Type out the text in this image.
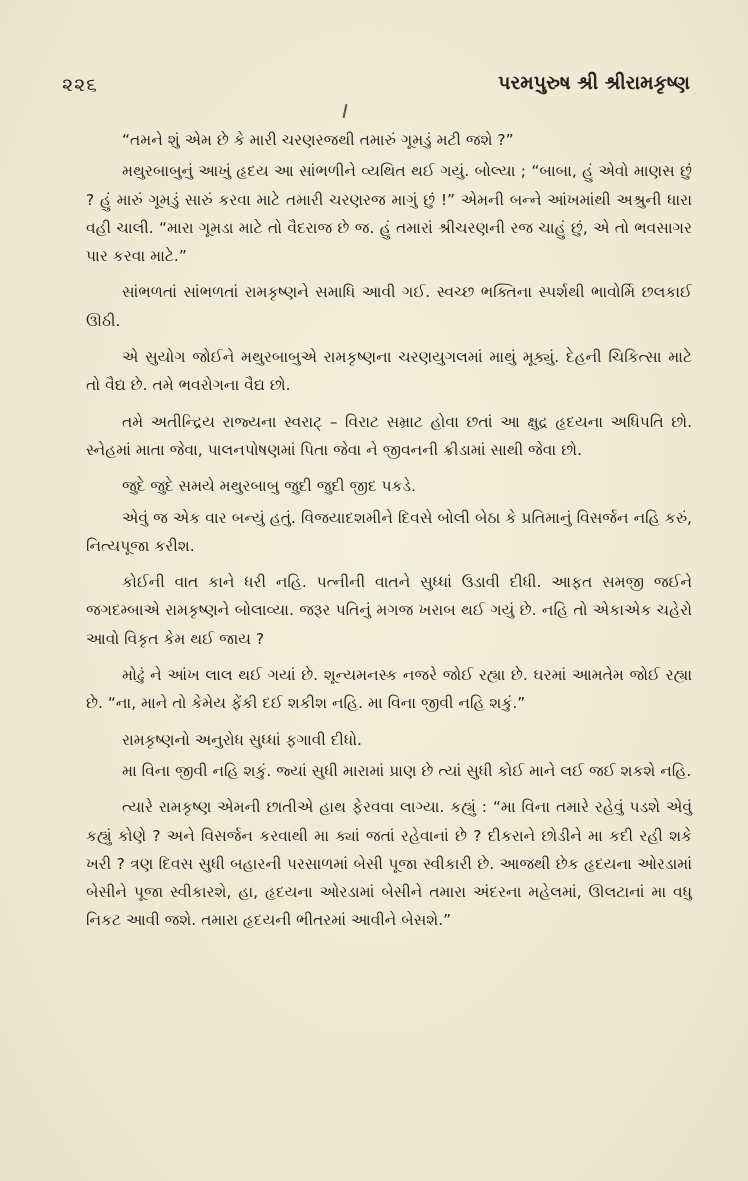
૨૨૬	પરમપુરુષ શ્રી શ્રીરામકૃષ્ણ

“તમને શું એમ છે કે મારી ચરણરજથી તમારું ગૂમડું મટી જશે ?”

મથુરબાબુનું આખું હૃદય આ સાંભળીને વ્યથિત થઈ ગયું. બોલ્યા ; “બાબા, હું એવો માણસ છું ? હું મારું ગૂમડું સારું કરવા માટે તમારી ચરણરજ માગું છું !” એમની બન્ને આંખમાંથી અશ્રુની ધારા વહી ચાલી. “મારા ગૂમડા માટે તો વૈદરાજ છે જ. હું તમારાં શ્રીચરણની રજ ચાહું છું, એ તો ભવસાગર પાર કરવા માટે.”

સાંભળતાં સાંભળતાં રામકૃષ્ણને સમાધિ આવી ગઈ. સ્વચ્છ ભક્તિના સ્પર્શથી ભાવોર્મિ છલકાઈ ઊઠી.

એ સુયોગ જોઈને મથુરબાબુએ રામકૃષ્ણના ચરણયુગલમાં માથું મૂક્યું. દેહની ચિકિત્સા માટે તો વૈદ્ય છે. તમે ભવરોગના વૈદ્ય છો.

તમે અતીન્દ્રિય રાજ્યના સ્વરાટ્ – વિરાટ સમ્રાટ હોવા છતાં આ ક્ષુદ્ર હૃદયના અધિપતિ છો. સ્નેહમાં માતા જેવા, પાલનપોષણમાં પિતા જેવા ને જીવનની ક્રીડામાં સાથી જેવા છો.

જુદે જુદે સમયે મથુરબાબુ જુદી જુદી જીદ પકડે.

એવું જ એક વાર બન્યું હતું. વિજયાદશમીને દિવસે બોલી બેઠા કે પ્રતિમાનું વિસર્જન નહિ કરું, નિત્યપૂજા કરીશ.

કોઈની વાત કાને ધરી નહિ. પત્નીની વાતને સુધ્ધાં ઉડાવી દીધી. આફત સમજી જઈને જગદમ્બાએ રામકૃષ્ણને બોલાવ્યા. જરૂર પતિનું મગજ ખરાબ થઈ ગયું છે. નહિ તો એકાએક ચહેરો આવો વિકૃત કેમ થઈ જાય ?

મોઢું ને આંખ લાલ થઈ ગયાં છે. શૂન્યમનસ્ક નજરે જોઈ રહ્યા છે. ઘરમાં આમતેમ જોઈ રહ્યા છે. “ના, માને તો કેમેય ફેંકી દઈ શકીશ નહિ. મા વિના જીવી નહિ શકું.”

રામકૃષ્ણનો અનુરોધ સુધ્ધાં ફગાવી દીધો.

મા વિના જીવી નહિ શકું. જ્યાં સુધી મારામાં પ્રાણ છે ત્યાં સુધી કોઈ માને લઈ જઈ શકશે નહિ.

ત્યારે રામકૃષ્ણ એમની છાતીએ હાથ ફેરવવા લાગ્યા. કહ્યું : “મા વિના તમારે રહેવું પડશે એવું કહ્યું કોણે ? અને વિસર્જન કરવાથી મા ક્યાં જતાં રહેવાનાં છે ? દીકરાને છોડીને મા કદી રહી શકે ખરી ? ત્રણ દિવસ સુધી બહારની પરસાળમાં બેસી પૂજા સ્વીકારી છે. આજથી છેક હૃદયના ઓરડામાં બેસીને પૂજા સ્વીકારશે, હા, હૃદયના ઓરડામાં બેસીને તમારા અંદરના મહેલમાં, ઊલટાનાં મા વધુ નિકટ આવી જશે. તમારા હૃદયની ભીતરમાં આવીને બેસશે.”
